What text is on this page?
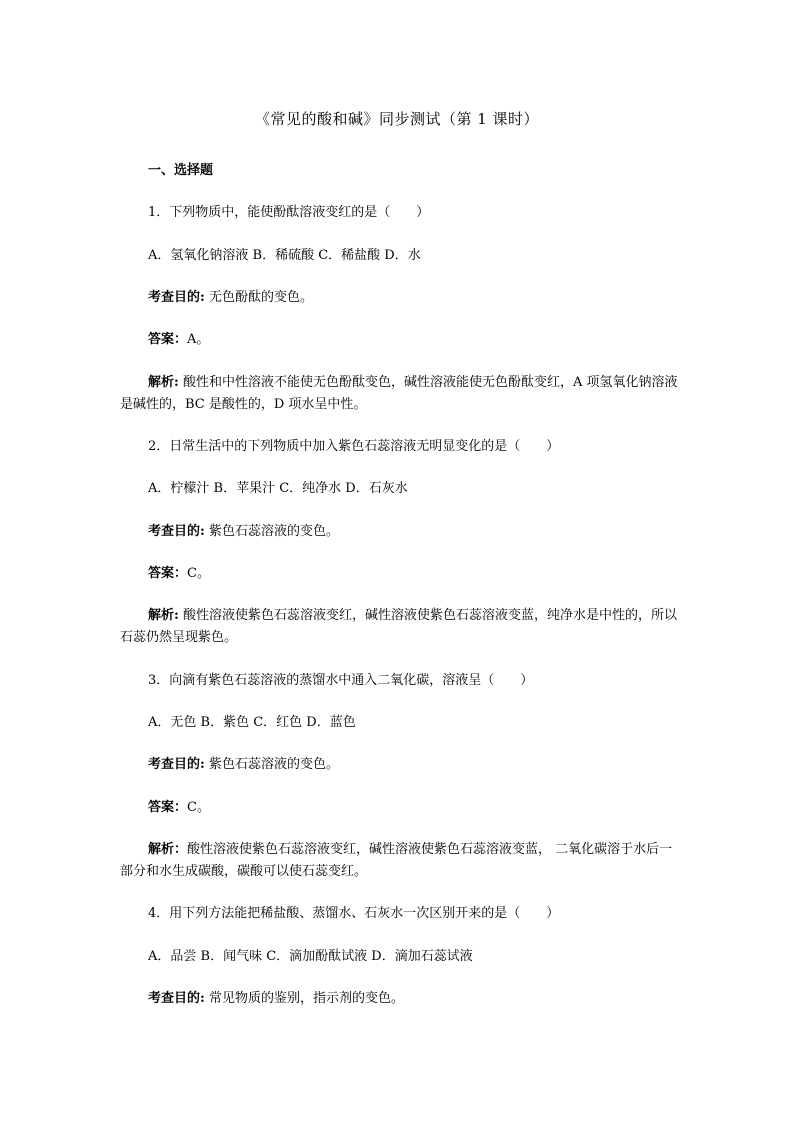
《常见的酸和碱》同步测试（第 1 课时）
一、选择题
1．下列物质中，能使酚酞溶液变红的是（　　）
A．氢氧化钠溶液 B．稀硫酸 C．稀盐酸 D．水
考查目的: 无色酚酞的变色。
答案：A。
解析: 酸性和中性溶液不能使无色酚酞变色，碱性溶液能使无色酚酞变红，A 项氢氧化钠溶液是碱性的，BC 是酸性的，D 项水呈中性。
2．日常生活中的下列物质中加入紫色石蕊溶液无明显变化的是（　　）
A．柠檬汁 B．苹果汁 C．纯净水 D．石灰水
考查目的: 紫色石蕊溶液的变色。
答案：C。
解析: 酸性溶液使紫色石蕊溶液变红，碱性溶液使紫色石蕊溶液变蓝，纯净水是中性的，所以石蕊仍然呈现紫色。
3．向滴有紫色石蕊溶液的蒸馏水中通入二氧化碳，溶液呈（　　）
A．无色 B．紫色 C．红色 D．蓝色
考查目的: 紫色石蕊溶液的变色。
答案：C。
解析：酸性溶液使紫色石蕊溶液变红，碱性溶液使紫色石蕊溶液变蓝， 二氧化碳溶于水后一部分和水生成碳酸，碳酸可以使石蕊变红。
4．用下列方法能把稀盐酸、蒸馏水、石灰水一次区别开来的是（　　）
A．品尝 B．闻气味 C．滴加酚酞试液 D．滴加石蕊试液
考查目的: 常见物质的鉴别，指示剂的变色。
